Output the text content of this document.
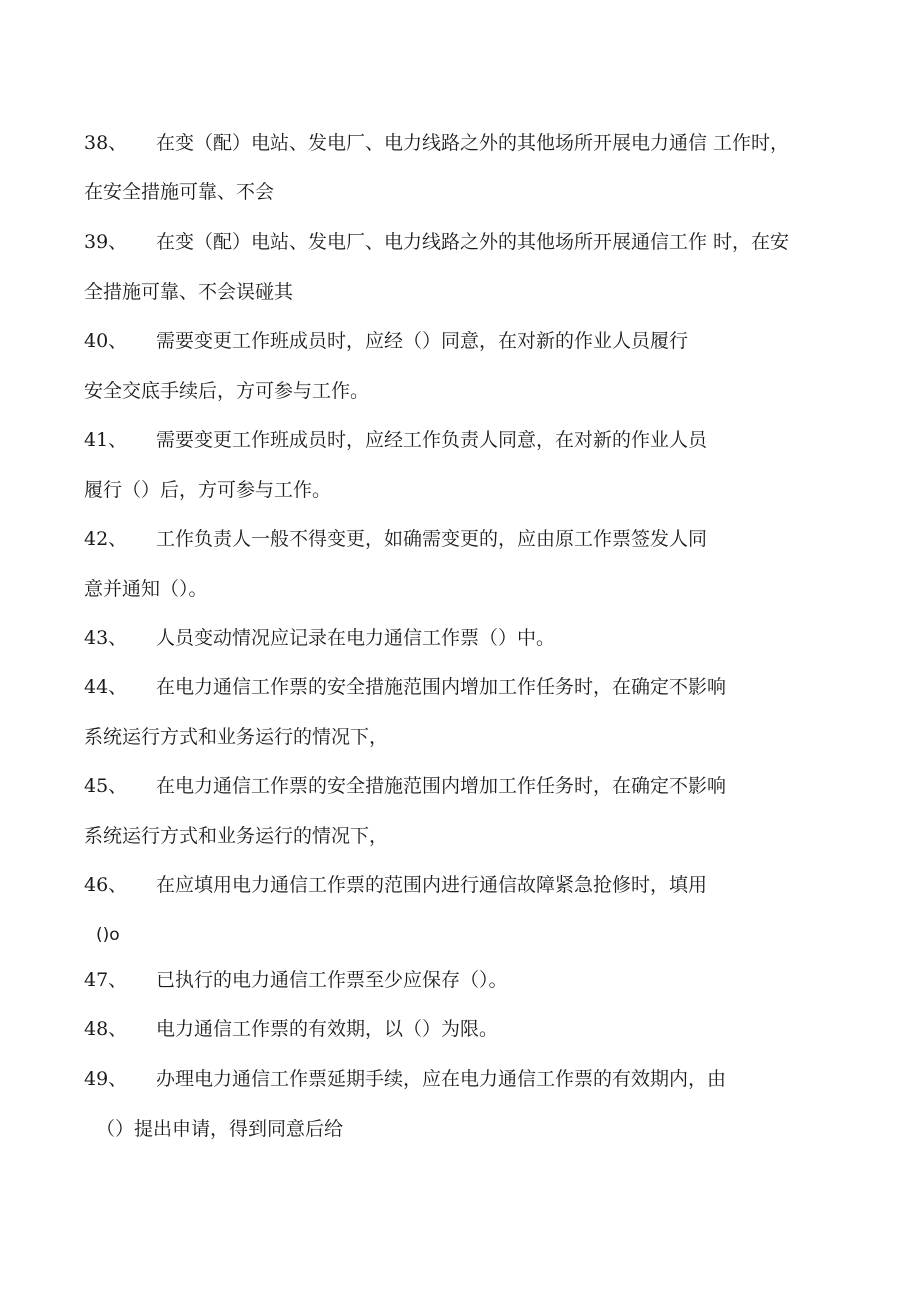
38、	在变（配）电站、发电厂、电力线路之外的其他场所开展电力通信 工作时，
在安全措施可靠、不会
39、	在变（配）电站、发电厂、电力线路之外的其他场所开展通信工作 时，在安
全措施可靠、不会误碰其
40、	需要变更工作班成员时，应经（）同意，在对新的作业人员履行
安全交底手续后，方可参与工作。
41、	需要变更工作班成员时，应经工作负责人同意，在对新的作业人员
履行（）后，方可参与工作。
42、	工作负责人一般不得变更，如确需变更的，应由原工作票签发人同
意并通知（）。
43、	人员变动情况应记录在电力通信工作票（）中。
44、	在电力通信工作票的安全措施范围内增加工作任务时，在确定不影响
系统运行方式和业务运行的情况下，
45、	在电力通信工作票的安全措施范围内增加工作任务时，在确定不影响
系统运行方式和业务运行的情况下，
46、	在应填用电力通信工作票的范围内进行通信故障紧急抢修时，填用
()o
47、	已执行的电力通信工作票至少应保存（）。
48、	电力通信工作票的有效期，以（）为限。
49、	办理电力通信工作票延期手续，应在电力通信工作票的有效期内，由
（）提出申请，得到同意后给
